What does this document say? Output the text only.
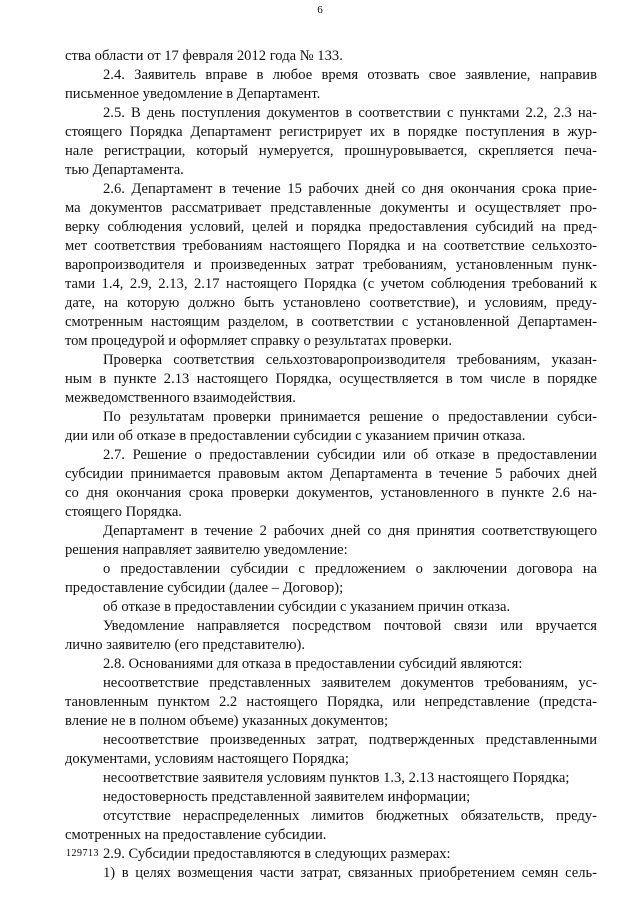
6
ства области от 17 февраля 2012 года № 133.
2.4. Заявитель вправе в любое время отозвать свое заявление, направив
письменное уведомление в Департамент.
2.5. В день поступления документов в соответствии с пунктами 2.2, 2.3 на-
стоящего Порядка Департамент регистрирует их в порядке поступления в жур-
нале регистрации, который нумеруется, прошнуровывается, скрепляется печа-
тью Департамента.
2.6. Департамент в течение 15 рабочих дней со дня окончания срока прие-
ма документов рассматривает представленные документы и осуществляет про-
верку соблюдения условий, целей и порядка предоставления субсидий на пред-
мет соответствия требованиям настоящего Порядка и на соответствие сельхозто-
варопроизводителя и произведенных затрат требованиям, установленным пунк-
тами 1.4, 2.9, 2.13, 2.17 настоящего Порядка (с учетом соблюдения требований к
дате, на которую должно быть установлено соответствие), и условиям, преду-
смотренным настоящим разделом, в соответствии с установленной Департамен-
том процедурой и оформляет справку о результатах проверки.
Проверка соответствия сельхозтоваропроизводителя требованиям, указан-
ным в пункте 2.13 настоящего Порядка, осуществляется в том числе в порядке
межведомственного взаимодействия.
По результатам проверки принимается решение о предоставлении субси-
дии или об отказе в предоставлении субсидии с указанием причин отказа.
2.7. Решение о предоставлении субсидии или об отказе в предоставлении
субсидии принимается правовым актом Департамента в течение 5 рабочих дней
со дня окончания срока проверки документов, установленного в пункте 2.6 на-
стоящего Порядка.
Департамент в течение 2 рабочих дней со дня принятия соответствующего
решения направляет заявителю уведомление:
о предоставлении субсидии с предложением о заключении договора на
предоставление субсидии (далее – Договор);
об отказе в предоставлении субсидии с указанием причин отказа.
Уведомление направляется посредством почтовой связи или вручается
лично заявителю (его представителю).
2.8. Основаниями для отказа в предоставлении субсидий являются:
несоответствие представленных заявителем документов требованиям, ус-
тановленным пунктом 2.2 настоящего Порядка, или непредставление (предста-
вление не в полном объеме) указанных документов;
несоответствие произведенных затрат, подтвержденных представленными
документами, условиям настоящего Порядка;
несоответствие заявителя условиям пунктов 1.3, 2.13 настоящего Порядка;
недостоверность представленной заявителем информации;
отсутствие нераспределенных лимитов бюджетных обязательств, преду-
смотренных на предоставление субсидии.
2.9. Субсидии предоставляются в следующих размерах:
1) в целях возмещения части затрат, связанных приобретением семян сель-
129713
